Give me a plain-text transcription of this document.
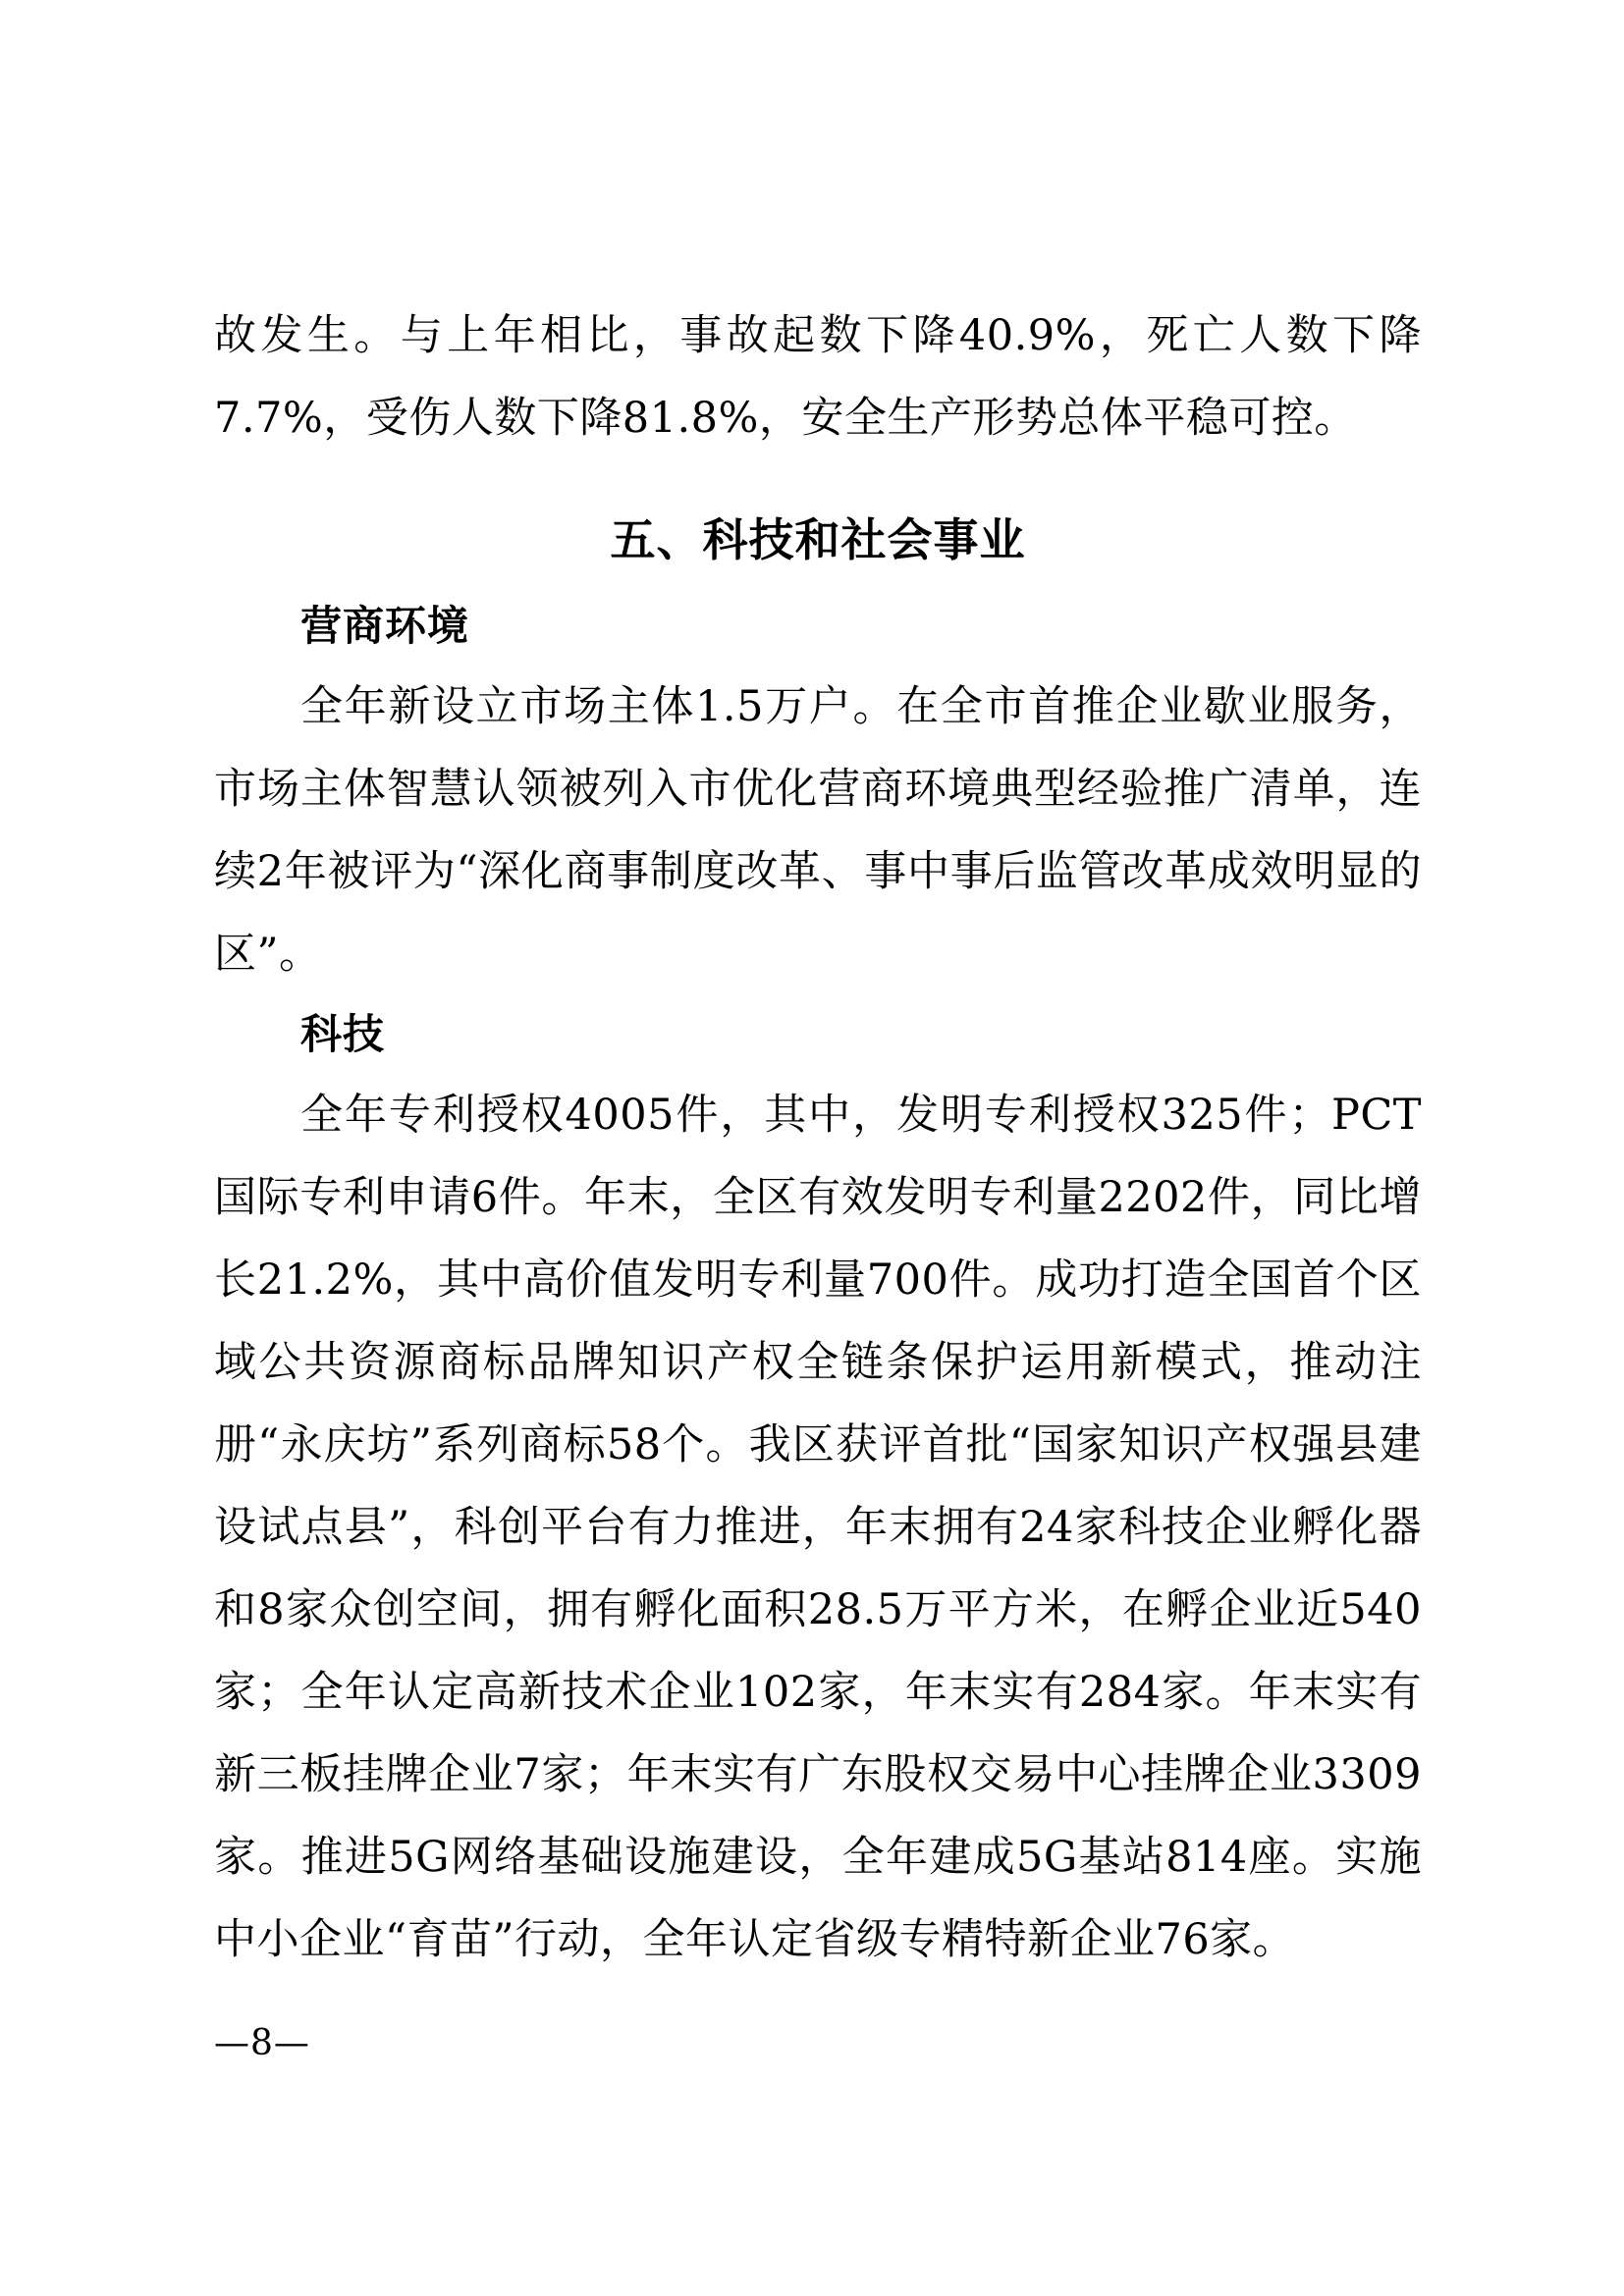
故发生。与上年相比，事故起数下降40.9%，死亡人数下降7.7%，受伤人数下降81.8%，安全生产形势总体平稳可控。

五、科技和社会事业
营商环境

全年新设立市场主体1.5万户。在全市首推企业歇业服务，市场主体智慧认领被列入市优化营商环境典型经验推广清单，连续2年被评为“深化商事制度改革、事中事后监管改革成效明显的区”。

科技

全年专利授权4005件，其中，发明专利授权325件；PCT国际专利申请6件。年末，全区有效发明专利量2202件，同比增长21.2%，其中高价值发明专利量700件。成功打造全国首个区域公共资源商标品牌知识产权全链条保护运用新模式，推动注册“永庆坊”系列商标58个。我区获评首批“国家知识产权强县建设试点县”，科创平台有力推进，年末拥有24家科技企业孵化器和8家众创空间，拥有孵化面积28.5万平方米，在孵企业近540家；全年认定高新技术企业102家，年末实有284家。年末实有新三板挂牌企业7家；年末实有广东股权交易中心挂牌企业3309家。推进5G网络基础设施建设，全年建成5G基站814座。实施中小企业“育苗”行动，全年认定省级专精特新企业76家。

—8—
